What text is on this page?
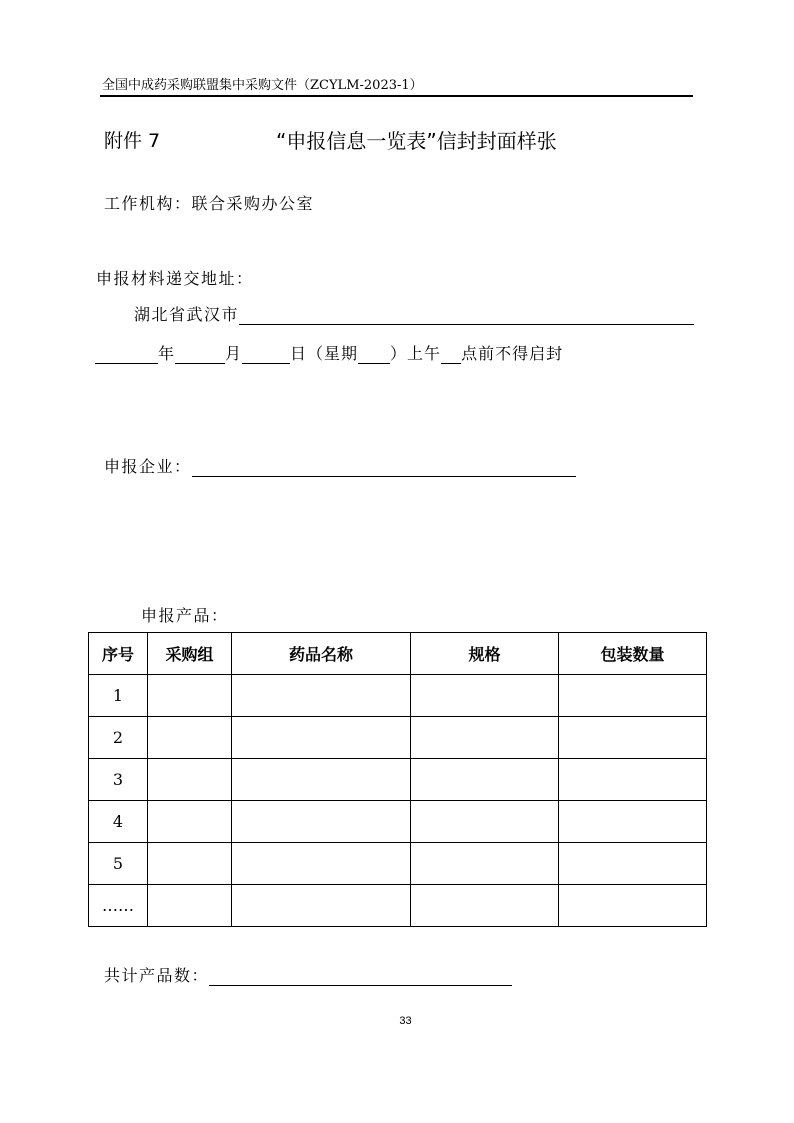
全国中成药采购联盟集中采购文件（ZCYLM-2023-1）
附件 7	“申报信息一览表”信封封面样张
工作机构：联合采购办公室
申报材料递交地址：
湖北省武汉市
年	月	日（星期 ）上午 点前不得启封
申报企业：
申报产品：
序号	采购组	药品名称	规格	包装数量
1				
2				
3				
4				
5				
……				
共计产品数：
33
